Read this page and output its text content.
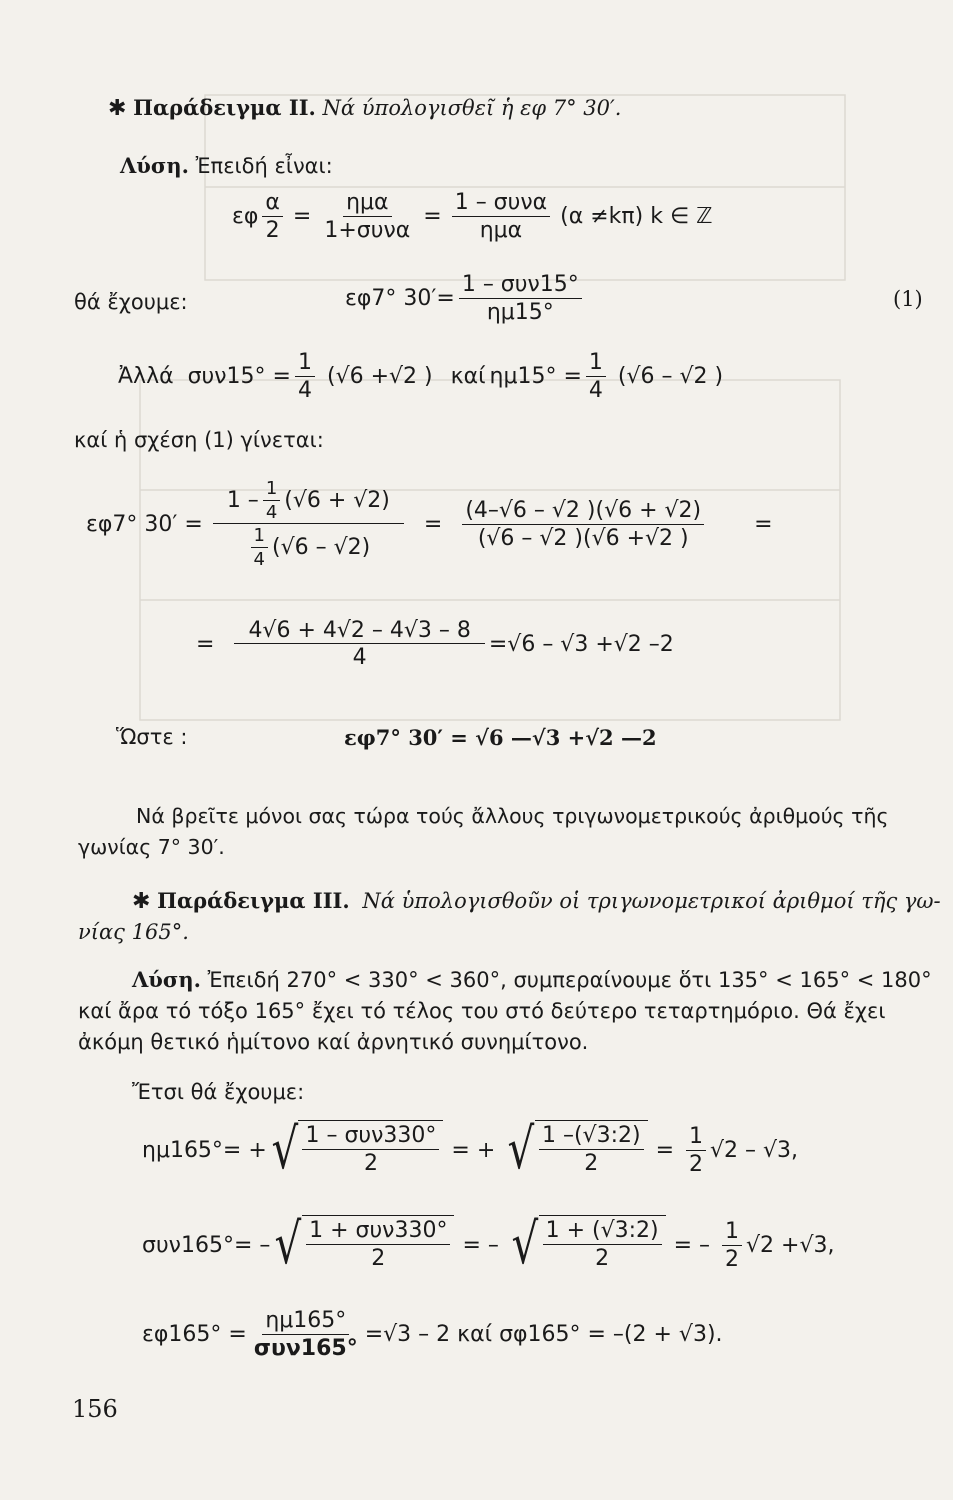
✱ Παράδειγμα ΙΙ. Νά ύπολογισθεῖ ἡ εφ 7° 30′.
Λύση. Ἐπειδή εἶναι:
εφ $\frac{\alpha}{2} = \frac{\text{ημα}}{\text{1+συνα}} = \frac{\text{1 – συνα}}{\text{ημα}} (\alpha \ne k\pi)$ k ∈ ℤ
θά ἔχουμε:	εφ7° $30'= \frac{\text{1 – συν15°}}{\eta\mu 15^\circ}$	(1)
Ἀλλά $\sigma\upsilon\nu 15^\circ = \frac{1}{4} (√6 +√2$ ) καί $\eta\mu 15^\circ = \frac{1}{4} (√6 - √2$ )
καί ἡ σχέση (1) γίνεται:
εφ7° $30' = \frac{1 - \frac{1}{4} (√6 + √2)}{\frac{1}{4} (√6 - √2)} = \frac{(4-√6 - √2 )(√6 + √2)}{(√6 - √2 )(√6 +√2 )}$ =
= $\frac{4√6 + 4√2 - 4√3 - 8}{4} =√6 - √3 +√2$ –2
Ὥστε :	εφ7° 30′ = √6 —√3 +√2 —2
Νά βρεῖτε μόνοι σας τώρα τούς ἄλλους τριγωνομετρικούς ἀριθμούς τῆς γωνίας 7° 30′.
✱ Παράδειγμα ΙΙΙ. Νά ὑπολογισθοῦν οἱ τριγωνομετρικοί ἀριθμοί τῆς γω-
νίας 165°.
Λύση. Ἐπειδή 270° < 330° < 360°, συμπεραίνουμε ὅτι 135° < 165° < 180°
καί ἄρα τό τόξο 165° ἔχει τό τέλος του στό δεύτερο τεταρτημόριο. Θά ἔχει
ἀκόμη θετικό ἡμίτονο καί ἀρνητικό συνημίτονο.
Ἔτσι θά ἔχουμε:
ημ165°= + √ $\frac{\text{1 – συν330°}}{2}$ = + √ $\frac{1 -(√3:2)}{2} = \frac{1}{2} √2 - √3$,
συν165°= – √ $\frac{\text{1 + συν330°}}{2}$ = – √ $\frac{1 + (√3:2)}{2}$ = – $\frac{1}{2} √2 +√3$,
$\varepsilon\varphi 165^\circ = \frac{\eta\mu 165^\circ}{\text{συν165°}} =√3 - 2$ καί σφ165° = –(2 + √3).
156
